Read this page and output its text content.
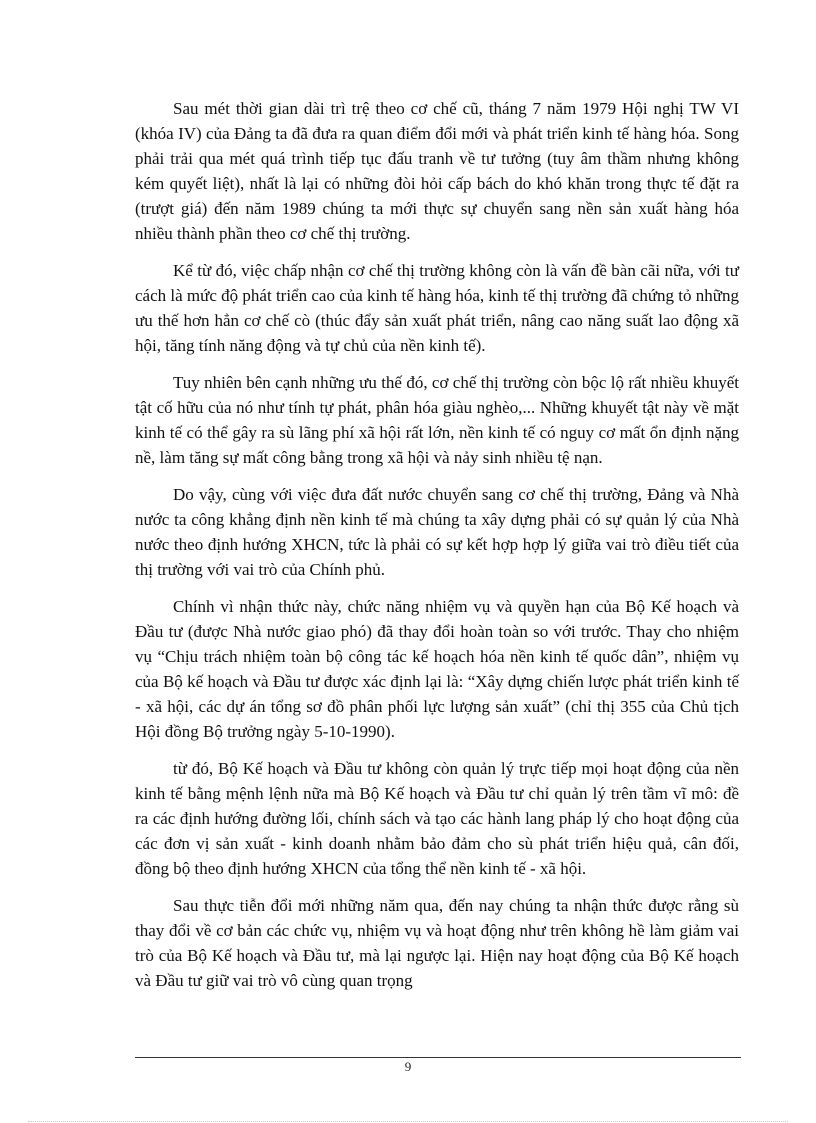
Sau mét thời gian dài trì trệ theo cơ chế cũ, tháng 7 năm 1979 Hội nghị TW VI (khóa IV) của Đảng ta đã đưa ra quan điểm đổi mới và phát triển kinh tế hàng hóa. Song phải trải qua mét quá trình tiếp tục đấu tranh về tư tưởng (tuy âm thầm nhưng không kém quyết liệt), nhất là lại có những đòi hỏi cấp bách do khó khăn trong thực tế đặt ra (trượt giá) đến năm 1989 chúng ta mới thực sự chuyển sang nền sản xuất hàng hóa nhiều thành phần theo cơ chế thị trường.

Kể từ đó, việc chấp nhận cơ chế thị trường không còn là vấn đề bàn cãi nữa, với tư cách là mức độ phát triển cao của kinh tế hàng hóa, kinh tế thị trường đã chứng tỏ những ưu thế hơn hẳn cơ chế cò (thúc đẩy sản xuất phát triển, nâng cao năng suất lao động xã hội, tăng tính năng động và tự chủ của nền kinh tế).

Tuy nhiên bên cạnh những ưu thế đó, cơ chế thị trường còn bộc lộ rất nhiều khuyết tật cố hữu của nó như tính tự phát, phân hóa giàu nghèo,... Những khuyết tật này về mặt kinh tế có thể gây ra sù lãng phí xã hội rất lớn, nền kinh tế có nguy cơ mất ổn định nặng nề, làm tăng sự mất công bằng trong xã hội và nảy sinh nhiều tệ nạn.

Do vậy, cùng với việc đưa đất nước chuyển sang cơ chế thị trường, Đảng và Nhà nước ta công khẳng định nền kinh tế mà chúng ta xây dựng phải có sự quản lý của Nhà nước theo định hướng XHCN, tức là phải có sự kết hợp hợp lý giữa vai trò điều tiết của thị trường với vai trò của Chính phủ.

Chính vì nhận thức này, chức năng nhiệm vụ và quyền hạn của Bộ Kế hoạch và Đầu tư (được Nhà nước giao phó) đã thay đổi hoàn toàn so với trước. Thay cho nhiệm vụ “Chịu trách nhiệm toàn bộ công tác kế hoạch hóa nền kinh tế quốc dân”, nhiệm vụ của Bộ kế hoạch và Đầu tư được xác định lại là: “Xây dựng chiến lược phát triển kinh tế - xã hội, các dự án tổng sơ đồ phân phối lực lượng sản xuất” (chỉ thị 355 của Chủ tịch Hội đồng Bộ trưởng ngày 5-10-1990).

từ đó, Bộ Kế hoạch và Đầu tư không còn quản lý trực tiếp mọi hoạt động của nền kinh tế bằng mệnh lệnh nữa mà Bộ Kế hoạch và Đầu tư chỉ quản lý trên tầm vĩ mô: đề ra các định hướng đường lối, chính sách và tạo các hành lang pháp lý cho hoạt động của các đơn vị sản xuất - kinh doanh nhằm bảo đảm cho sù phát triển hiệu quả, cân đối, đồng bộ theo định hướng XHCN của tổng thể nền kinh tế - xã hội.

Sau thực tiễn đổi mới những năm qua, đến nay chúng ta nhận thức được rằng sù thay đổi về cơ bản các chức vụ, nhiệm vụ và hoạt động như trên không hề làm giảm vai trò của Bộ Kế hoạch và Đầu tư, mà lại ngược lại. Hiện nay hoạt động của Bộ Kế hoạch và Đầu tư giữ vai trò vô cùng quan trọng

9
